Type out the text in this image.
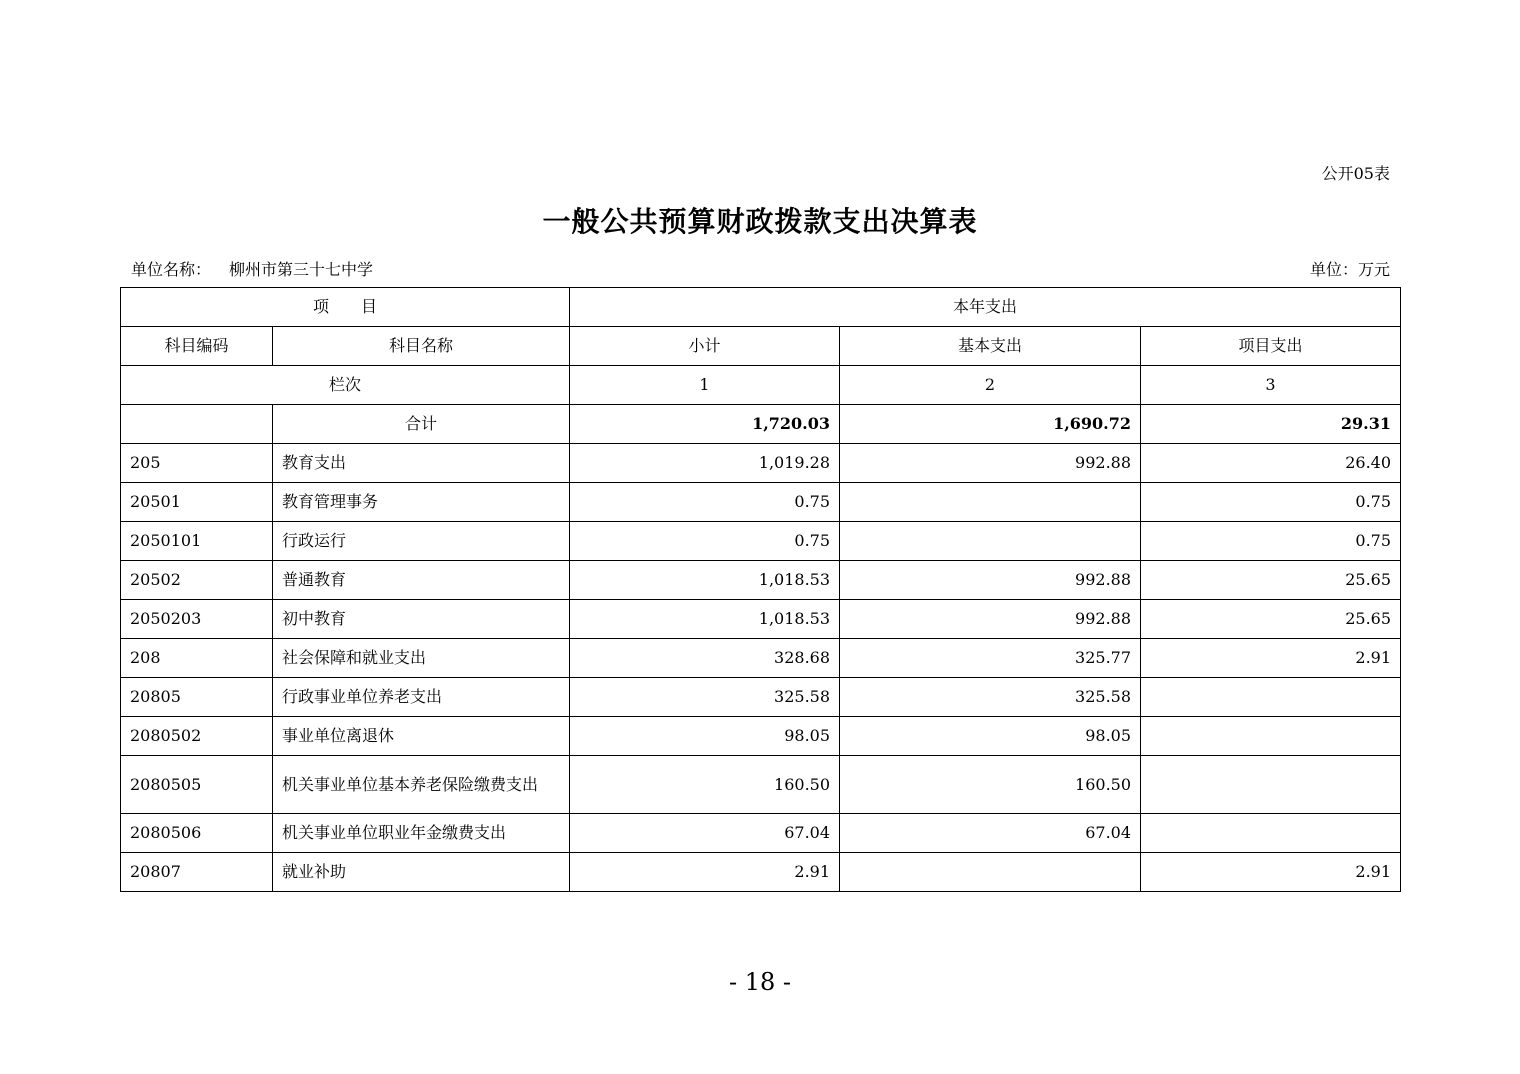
公开05表
一般公共预算财政拨款支出决算表
单位名称： 柳州市第三十七中学	单位：万元
项　　目		本年支出		
科目编码	科目名称	小计	基本支出	项目支出
栏次		1	2	3
	合计	1,720.03	1,690.72	29.31
205	教育支出	1,019.28	992.88	26.40
20501	教育管理事务	0.75		0.75
2050101	行政运行	0.75		0.75
20502	普通教育	1,018.53	992.88	25.65
2050203	初中教育	1,018.53	992.88	25.65
208	社会保障和就业支出	328.68	325.77	2.91
20805	行政事业单位养老支出	325.58	325.58	
2080502	事业单位离退休	98.05	98.05	
2080505	机关事业单位基本养老保险缴费支出	160.50	160.50	
2080506	机关事业单位职业年金缴费支出	67.04	67.04	
20807	就业补助	2.91		2.91
- 18 -
